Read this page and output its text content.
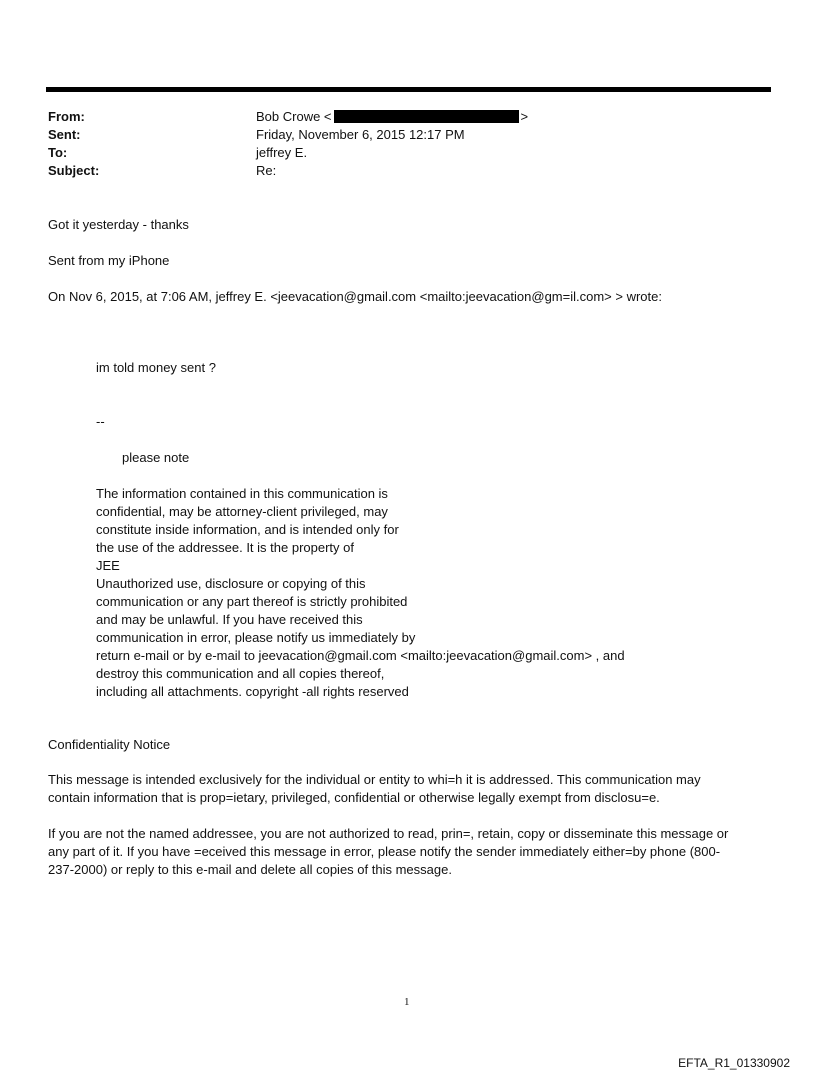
From:
Sent:
To:
Subject:
Bob Crowe <	>
Friday, November 6, 2015 12:17 PM
jeffrey E.
Re:
Got it yesterday - thanks
Sent from my iPhone
On Nov 6, 2015, at 7:06 AM, jeffrey E. <jeevacation@gmail.com <mailto:jeevacation@gm=il.com> > wrote:
im told money sent ?
--
please note
The information contained in this communication is
confidential, may be attorney-client privileged, may
constitute inside information, and is intended only for
the use of the addressee. It is the property of
JEE
Unauthorized use, disclosure or copying of this
communication or any part thereof is strictly prohibited
and may be unlawful. If you have received this
communication in error, please notify us immediately by
return e-mail or by e-mail to jeevacation@gmail.com <mailto:jeevacation@gmail.com> , and
destroy this communication and all copies thereof,
including all attachments. copyright -all rights reserved
Confidentiality Notice
This message is intended exclusively for the individual or entity to whi=h it is addressed. This communication may
contain information that is prop=ietary, privileged, confidential or otherwise legally exempt from disclosu=e.
If you are not the named addressee, you are not authorized to read, prin=, retain, copy or disseminate this message or
any part of it. If you have =eceived this message in error, please notify the sender immediately either=by phone (800-
237-2000) or reply to this e-mail and delete all copies of this message.
1
EFTA_R1_01330902
